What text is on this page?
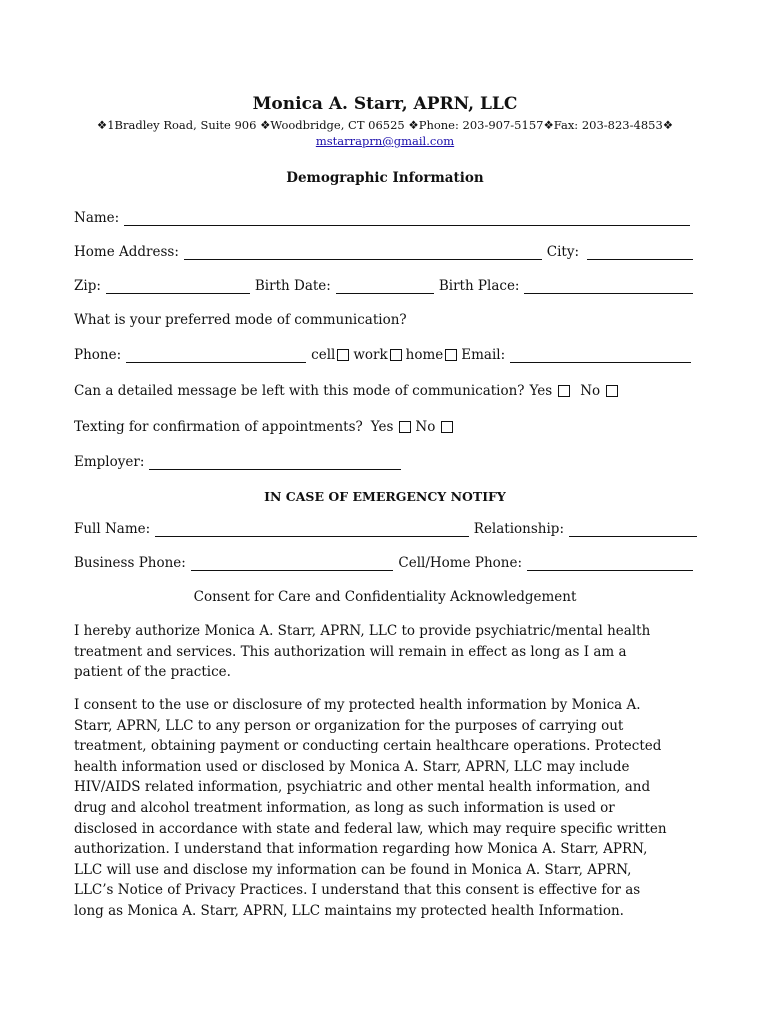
Monica A. Starr, APRN, LLC
❖1Bradley Road, Suite 906 ❖Woodbridge, CT 06525 ❖Phone: 203-907-5157❖Fax: 203-823-4853❖
mstarraprn@gmail.com
Demographic Information
Name:
Home Address:	City:
Zip:	Birth Date:	Birth Place:
What is your preferred mode of communication?
Phone:	cell work home Email:
Can a detailed message be left with this mode of communication? Yes No
Texting for confirmation of appointments? Yes No
Employer:
IN CASE OF EMERGENCY NOTIFY
Full Name:	Relationship:
Business Phone:	Cell/Home Phone:
Consent for Care and Confidentiality Acknowledgement

I hereby authorize Monica A. Starr, APRN, LLC to provide psychiatric/mental health
treatment and services. This authorization will remain in effect as long as I am a
patient of the practice.

I consent to the use or disclosure of my protected health information by Monica A.
Starr, APRN, LLC to any person or organization for the purposes of carrying out
treatment, obtaining payment or conducting certain healthcare operations. Protected
health information used or disclosed by Monica A. Starr, APRN, LLC may include
HIV/AIDS related information, psychiatric and other mental health information, and
drug and alcohol treatment information, as long as such information is used or
disclosed in accordance with state and federal law, which may require specific written
authorization. I understand that information regarding how Monica A. Starr, APRN,
LLC will use and disclose my information can be found in Monica A. Starr, APRN,
LLC’s Notice of Privacy Practices. I understand that this consent is effective for as
long as Monica A. Starr, APRN, LLC maintains my protected health Information.
